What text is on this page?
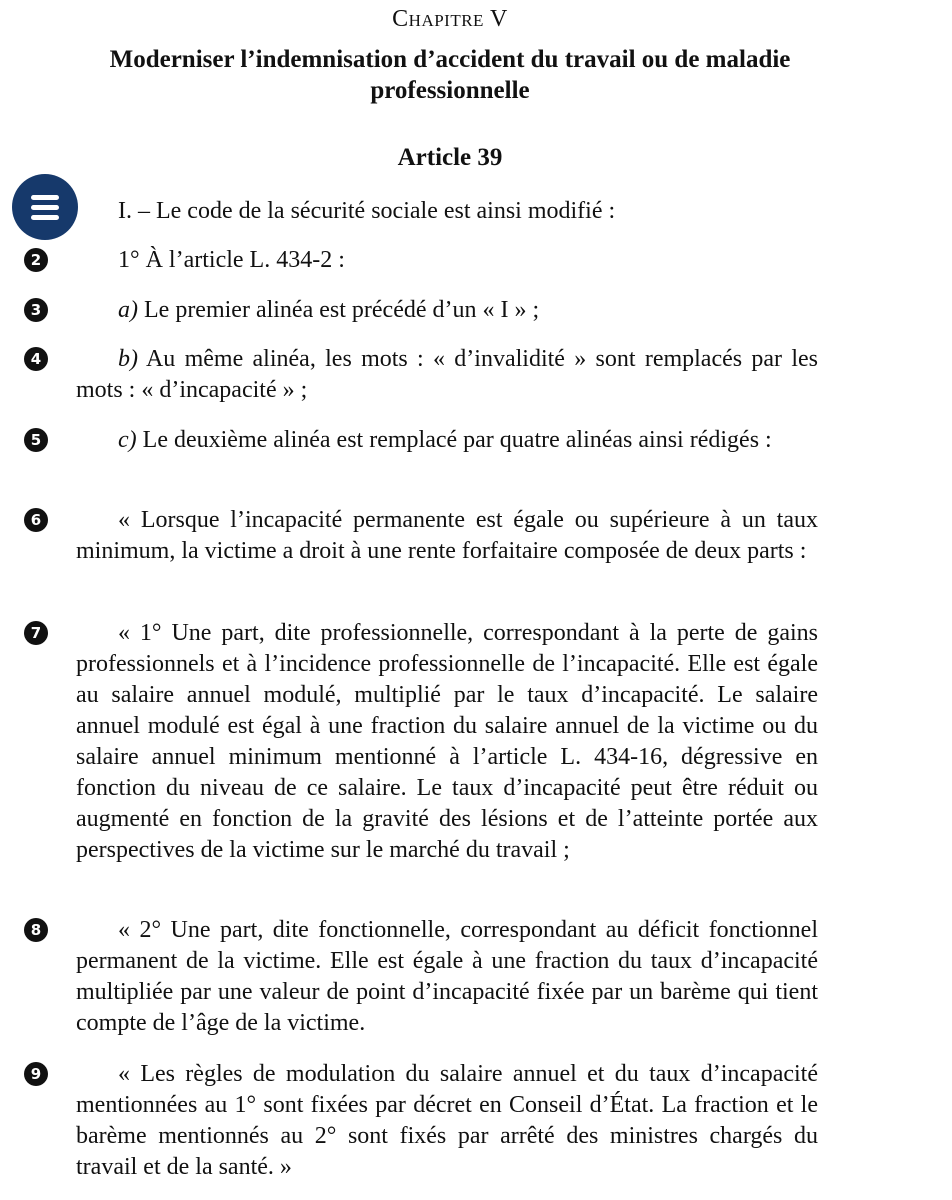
Chapitre V
Moderniser l’indemnisation d’accident du travail ou de maladie professionnelle
Article 39
I. – Le code de la sécurité sociale est ainsi modifié :
2	1° À l’article L. 434-2 :
3	a) Le premier alinéa est précédé d’un « I » ;
4	b) Au même alinéa, les mots : « d’invalidité » sont remplacés par les mots : « d’incapacité » ;
5	c) Le deuxième alinéa est remplacé par quatre alinéas ainsi rédigés :
6	« Lorsque l’incapacité permanente est égale ou supérieure à un taux minimum, la victime a droit à une rente forfaitaire composée de deux parts :
7	« 1° Une part, dite professionnelle, correspondant à la perte de gains professionnels et à l’incidence professionnelle de l’incapacité. Elle est égale au salaire annuel modulé, multiplié par le taux d’incapacité. Le salaire annuel modulé est égal à une fraction du salaire annuel de la victime ou du salaire annuel minimum mentionné à l’article L. 434-16, dégressive en fonction du niveau de ce salaire. Le taux d’incapacité peut être réduit ou augmenté en fonction de la gravité des lésions et de l’atteinte portée aux perspectives de la victime sur le marché du travail ;
8	« 2° Une part, dite fonctionnelle, correspondant au déficit fonctionnel permanent de la victime. Elle est égale à une fraction du taux d’incapacité multipliée par une valeur de point d’incapacité fixée par un barème qui tient compte de l’âge de la victime.
9	« Les règles de modulation du salaire annuel et du taux d’incapacité mentionnées au 1° sont fixées par décret en Conseil d’État. La fraction et le barème mentionnés au 2° sont fixés par arrêté des ministres chargés du travail et de la santé. »
